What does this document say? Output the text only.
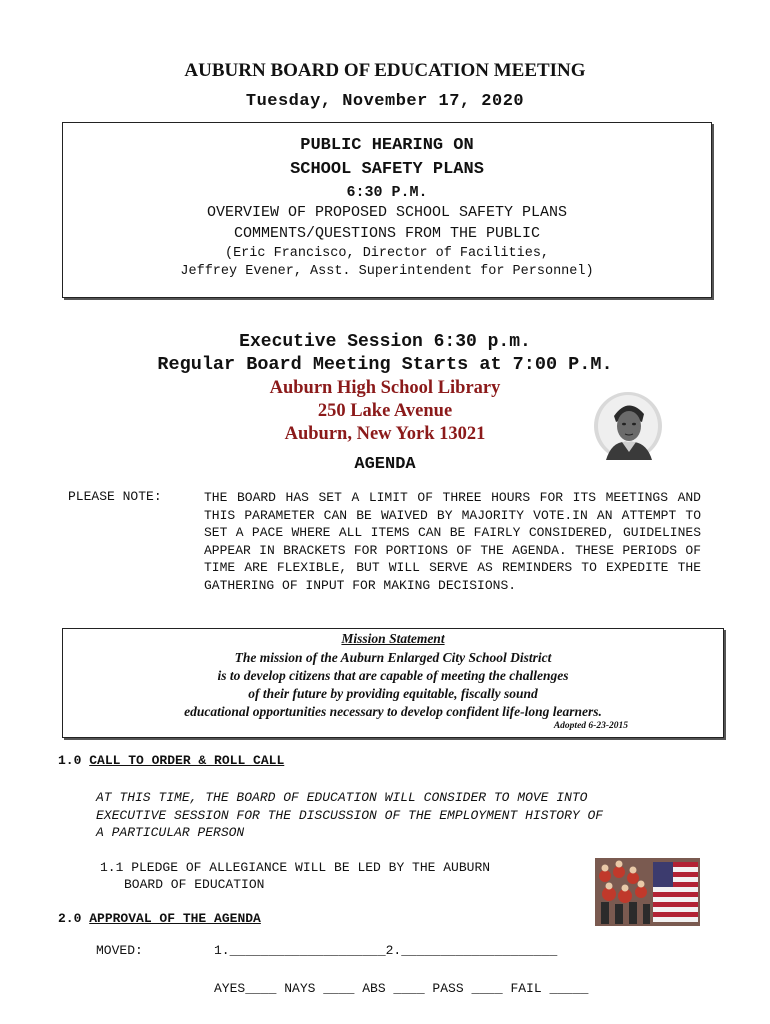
AUBURN BOARD OF EDUCATION MEETING
Tuesday, November 17, 2020
PUBLIC HEARING ON
SCHOOL SAFETY PLANS
6:30 P.M.
OVERVIEW OF PROPOSED SCHOOL SAFETY PLANS
COMMENTS/QUESTIONS FROM THE PUBLIC
(Eric Francisco, Director of Facilities,
Jeffrey Evener, Asst. Superintendent for Personnel)
Executive Session 6:30 p.m.
Regular Board Meeting Starts at 7:00 P.M.
Auburn High School Library
250 Lake Avenue
Auburn, New York 13021
AGENDA
PLEASE NOTE:	THE BOARD HAS SET A LIMIT OF THREE HOURS FOR ITS MEETINGS AND THIS PARAMETER CAN BE WAIVED BY MAJORITY VOTE.IN AN ATTEMPT TO SET A PACE WHERE ALL ITEMS CAN BE FAIRLY CONSIDERED, GUIDELINES APPEAR IN BRACKETS FOR PORTIONS OF THE AGENDA. THESE PERIODS OF TIME ARE FLEXIBLE, BUT WILL SERVE AS REMINDERS TO EXPEDITE THE GATHERING OF INPUT FOR MAKING DECISIONS.
Mission Statement
The mission of the Auburn Enlarged City School District
is to develop citizens that are capable of meeting the challenges
of their future by providing equitable, fiscally sound
educational opportunities necessary to develop confident life-long learners.
Adopted 6-23-2015
1.0 CALL TO ORDER & ROLL CALL
AT THIS TIME, THE BOARD OF EDUCATION WILL CONSIDER TO MOVE INTO
EXECUTIVE SESSION FOR THE DISCUSSION OF THE EMPLOYMENT HISTORY OF
A PARTICULAR PERSON
1.1 PLEDGE OF ALLEGIANCE WILL BE LED BY THE AUBURN
BOARD OF EDUCATION
2.0 APPROVAL OF THE AGENDA
MOVED:	1.____________________2.____________________
AYES____ NAYS ____ ABS ____ PASS ____ FAIL _____
